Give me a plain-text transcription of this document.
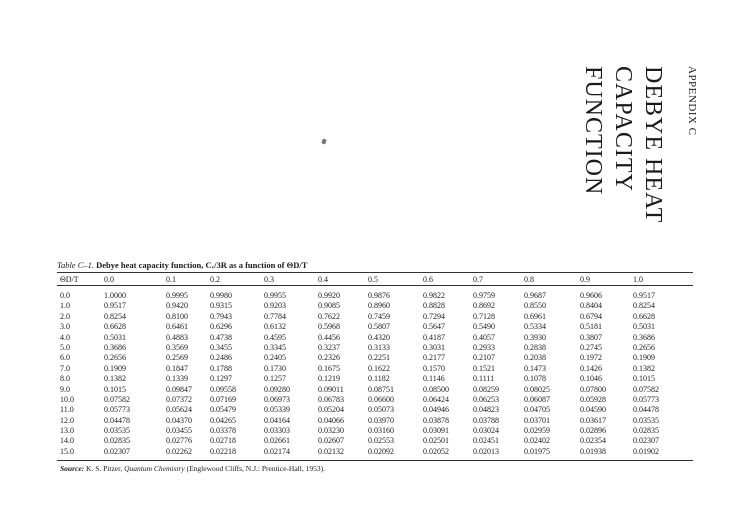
APPENDIX C
DEBYE HEAT
CAPACITY
FUNCTION
Table C–1. Debye heat capacity function, Cᵥ/3R as a function of ΘD/T
ΘD/T	0.0	0.1	0.2	0.3	0.4	0.5	0.6	0.7	0.8	0.9	1.0
0.0	1.0000	0.9995	0.9980	0.9955	0.9920	0.9876	0.9822	0.9759	0.9687	0.9606	0.9517
1.0	0.9517	0.9420	0.9315	0.9203	0.9085	0.8960	0.8828	0.8692	0.8550	0.8404	0.8254
2.0	0.8254	0.8100	0.7943	0.7784	0.7622	0.7459	0.7294	0.7128	0.6961	0.6794	0.6628
3.0	0.6628	0.6461	0.6296	0.6132	0.5968	0.5807	0.5647	0.5490	0.5334	0.5181	0.5031
4.0	0.5031	0.4883	0.4738	0.4595	0.4456	0.4320	0.4187	0.4057	0.3930	0.3807	0.3686
5.0	0.3686	0.3569	0.3455	0.3345	0.3237	0.3133	0.3031	0.2933	0.2838	0.2745	0.2656
6.0	0.2656	0.2569	0.2486	0.2405	0.2326	0.2251	0.2177	0.2107	0.2038	0.1972	0.1909
7.0	0.1909	0.1847	0.1788	0.1730	0.1675	0.1622	0.1570	0.1521	0.1473	0.1426	0.1382
8.0	0.1382	0.1339	0.1297	0.1257	0.1219	0.1182	0.1146	0.1111	0.1078	0.1046	0.1015
9.0	0.1015	0.09847 0.09558	0.09280	0.09011	0.08751	0.08500	0.08259	0.08025	0.07800	0.07582
10.0	0.07582	0.07372 0.07169	0.06973	0.06783	0.06600	0.06424	0.06253	0.06087	0.05928	0.05773
11.0	0.05773	0.05624 0.05479	0.05339	0.05204	0.05073	0.04946	0.04823	0.04705	0.04590	0.04478
12.0	0.04478	0.04370 0.04265	0.04164	0.04066	0.03970	0.03878	0.03788	0.03701	0.03617	0.03535
13.0	0.03535	0.03455 0.03378	0.03303	0.03230	0.03160	0.03091	0.03024	0.02959	0.02896	0.02835
14.0	0.02835	0.02776 0.02718	0.02661	0.02607	0.02553	0.02501	0.02451	0.02402	0.02354	0.02307
15.0	0.02307	0.02262 0.02218	0.02174	0.02132	0.02092	0.02052	0.02013	0.01975	0.01938	0.01902
Source: K. S. Pitzer, Quantum Chemistry (Englewood Cliffs, N.J.: Prentice-Hall, 1953).
